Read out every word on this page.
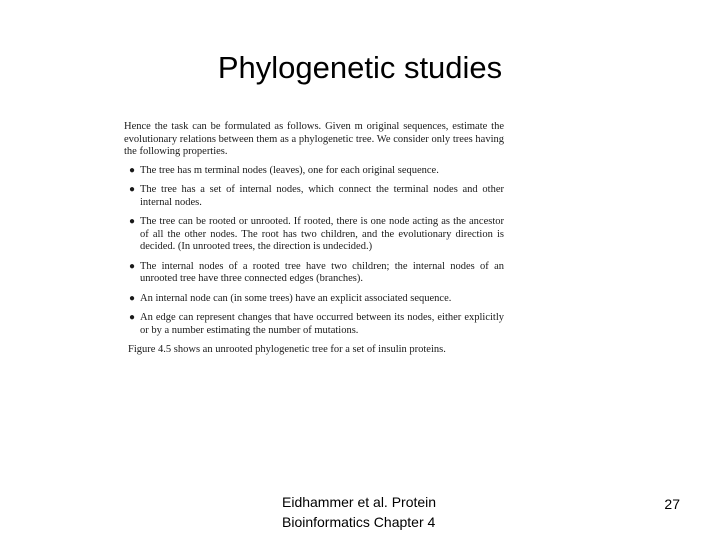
Phylogenetic studies

Hence the task can be formulated as follows. Given m original sequences, estimate the evolutionary relations between them as a phylogenetic tree. We consider only trees having the following properties.

● The tree has m terminal nodes (leaves), one for each original sequence.
● The tree has a set of internal nodes, which connect the terminal nodes and other internal nodes.
● The tree can be rooted or unrooted. If rooted, there is one node acting as the ancestor of all the other nodes. The root has two children, and the evolutionary direction is decided. (In unrooted trees, the direction is undecided.)
● The internal nodes of a rooted tree have two children; the internal nodes of an unrooted tree have three connected edges (branches).
● An internal node can (in some trees) have an explicit associated sequence.
● An edge can represent changes that have occurred between its nodes, either explicitly or by a number estimating the number of mutations.

Figure 4.5 shows an unrooted phylogenetic tree for a set of insulin proteins.

Eidhammer et al. Protein
Bioinformatics Chapter 4
27
